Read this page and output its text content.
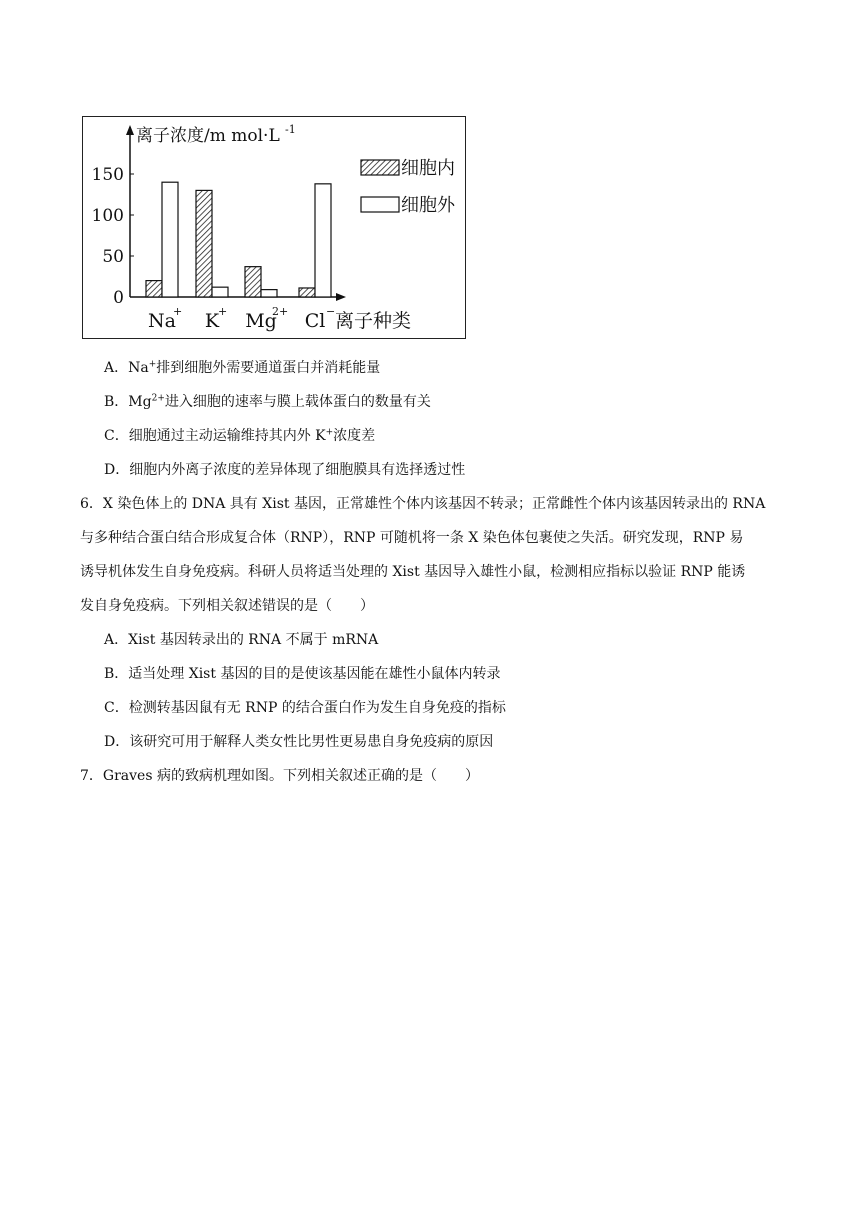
0
50
100
150
离子浓度/m mol·L -1
Na
+ K
+ Mg
2+ Cl − 离子种类
细胞内
细胞外
A．Na+排到细胞外需要通道蛋白并消耗能量
B．$Mg^{2+}$进入细胞的速率与膜上载体蛋白的数量有关
C．细胞通过主动运输维持其内外 K+浓度差
D．细胞内外离子浓度的差异体现了细胞膜具有选择透过性
6．X 染色体上的 DNA 具有 Xist 基因，正常雄性个体内该基因不转录；正常雌性个体内该基因转录出的 RNA
与多种结合蛋白结合形成复合体（RNP），RNP 可随机将一条 X 染色体包裹使之失活。研究发现，RNP 易
诱导机体发生自身免疫病。科研人员将适当处理的 Xist 基因导入雄性小鼠，检测相应指标以验证 RNP 能诱
发自身免疫病。下列相关叙述错误的是（　　）
A．Xist 基因转录出的 RNA 不属于 mRNA
B．适当处理 Xist 基因的目的是使该基因能在雄性小鼠体内转录
C．检测转基因鼠有无 RNP 的结合蛋白作为发生自身免疫的指标
D．该研究可用于解释人类女性比男性更易患自身免疫病的原因
7．Graves 病的致病机理如图。下列相关叙述正确的是（　　）
